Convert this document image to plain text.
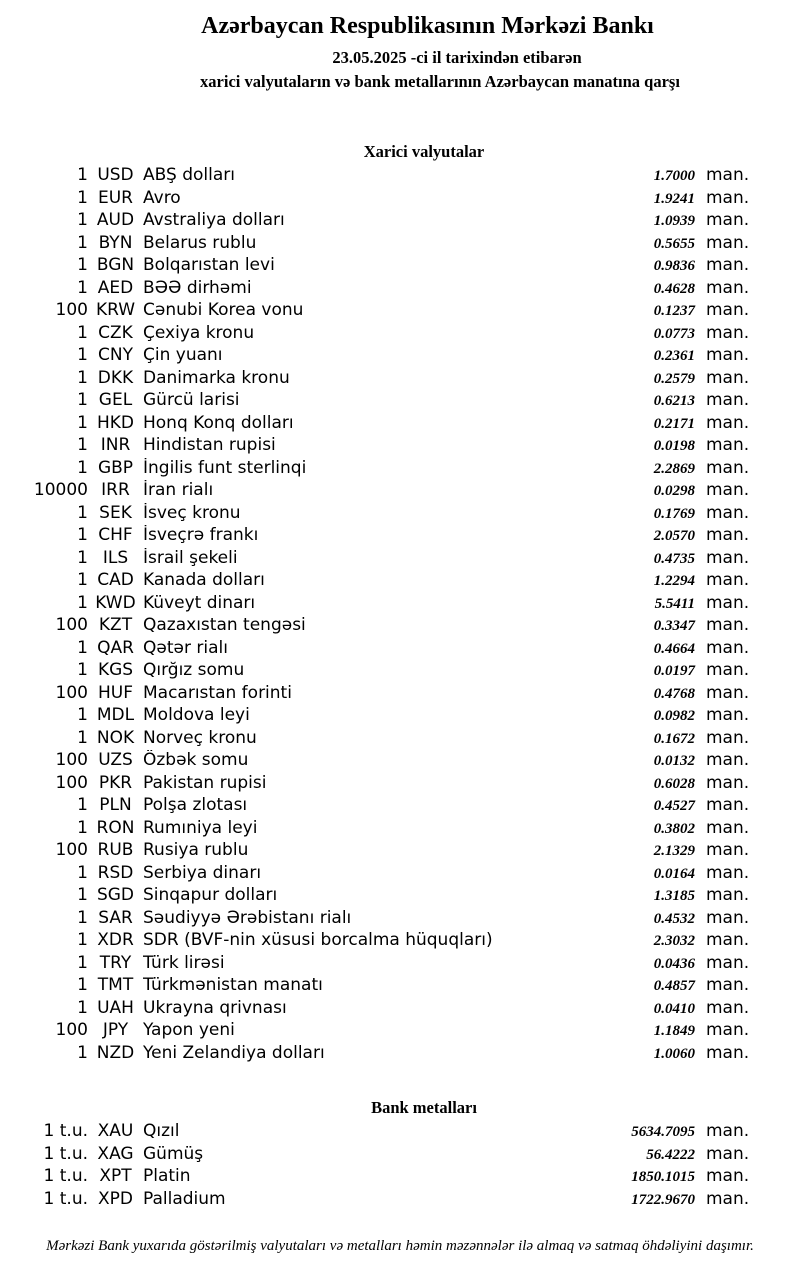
Azərbaycan Respublikasının Mərkəzi Bankı
23.05.2025 -ci il tarixindən etibarən
xarici valyutaların və bank metallarının Azərbaycan manatına qarşı
Xarici valyutalar
1 USD ABŞ dolları	1.7000 man.
1 EUR Avro	1.9241 man.
1 AUD Avstraliya dolları	1.0939 man.
1 BYN Belarus rublu	0.5655 man.
1 BGN Bolqarıstan levi	0.9836 man.
1 AED BƏƏ dirhəmi	0.4628 man.
100 KRW Cənubi Korea vonu	0.1237 man.
1 CZK Çexiya kronu	0.0773 man.
1 CNY Çin yuanı	0.2361 man.
1 DKK Danimarka kronu	0.2579 man.
1 GEL Gürcü larisi	0.6213 man.
1 HKD Honq Konq dolları	0.2171 man.
1 INR Hindistan rupisi	0.0198 man.
1 GBP İngilis funt sterlinqi	2.2869 man.
10000 IRR İran rialı	0.0298 man.
1 SEK İsveç kronu	0.1769 man.
1 CHF İsveçrə frankı	2.0570 man.
1 ILS İsrail şekeli	0.4735 man.
1 CAD Kanada dolları	1.2294 man.
1 KWD Küveyt dinarı	5.5411 man.
100 KZT Qazaxıstan tengəsi	0.3347 man.
1 QAR Qətər rialı	0.4664 man.
1 KGS Qırğız somu	0.0197 man.
100 HUF Macarıstan forinti	0.4768 man.
1 MDL Moldova leyi	0.0982 man.
1 NOK Norveç kronu	0.1672 man.
100 UZS Özbək somu	0.0132 man.
100 PKR Pakistan rupisi	0.6028 man.
1 PLN Polşa zlotası	0.4527 man.
1 RON Rumıniya leyi	0.3802 man.
100 RUB Rusiya rublu	2.1329 man.
1 RSD Serbiya dinarı	0.0164 man.
1 SGD Sinqapur dolları	1.3185 man.
1 SAR Səudiyyə Ərəbistanı rialı	0.4532 man.
1 XDR SDR (BVF-nin xüsusi borcalma hüquqları)	2.3032 man.
1 TRY Türk lirəsi	0.0436 man.
1 TMT Türkmənistan manatı	0.4857 man.
1 UAH Ukrayna qrivnası	0.0410 man.
100 JPY Yapon yeni	1.1849 man.
1 NZD Yeni Zelandiya dolları	1.0060 man.
Bank metalları
1 t.u. XAU Qızıl	5634.7095 man.
1 t.u. XAG Gümüş	56.4222 man.
1 t.u. XPT Platin	1850.1015 man.
1 t.u. XPD Palladium	1722.9670 man.
Mərkəzi Bank yuxarıda göstərilmiş valyutaları və metalları həmin məzənnələr ilə almaq və satmaq öhdəliyini daşımır.
